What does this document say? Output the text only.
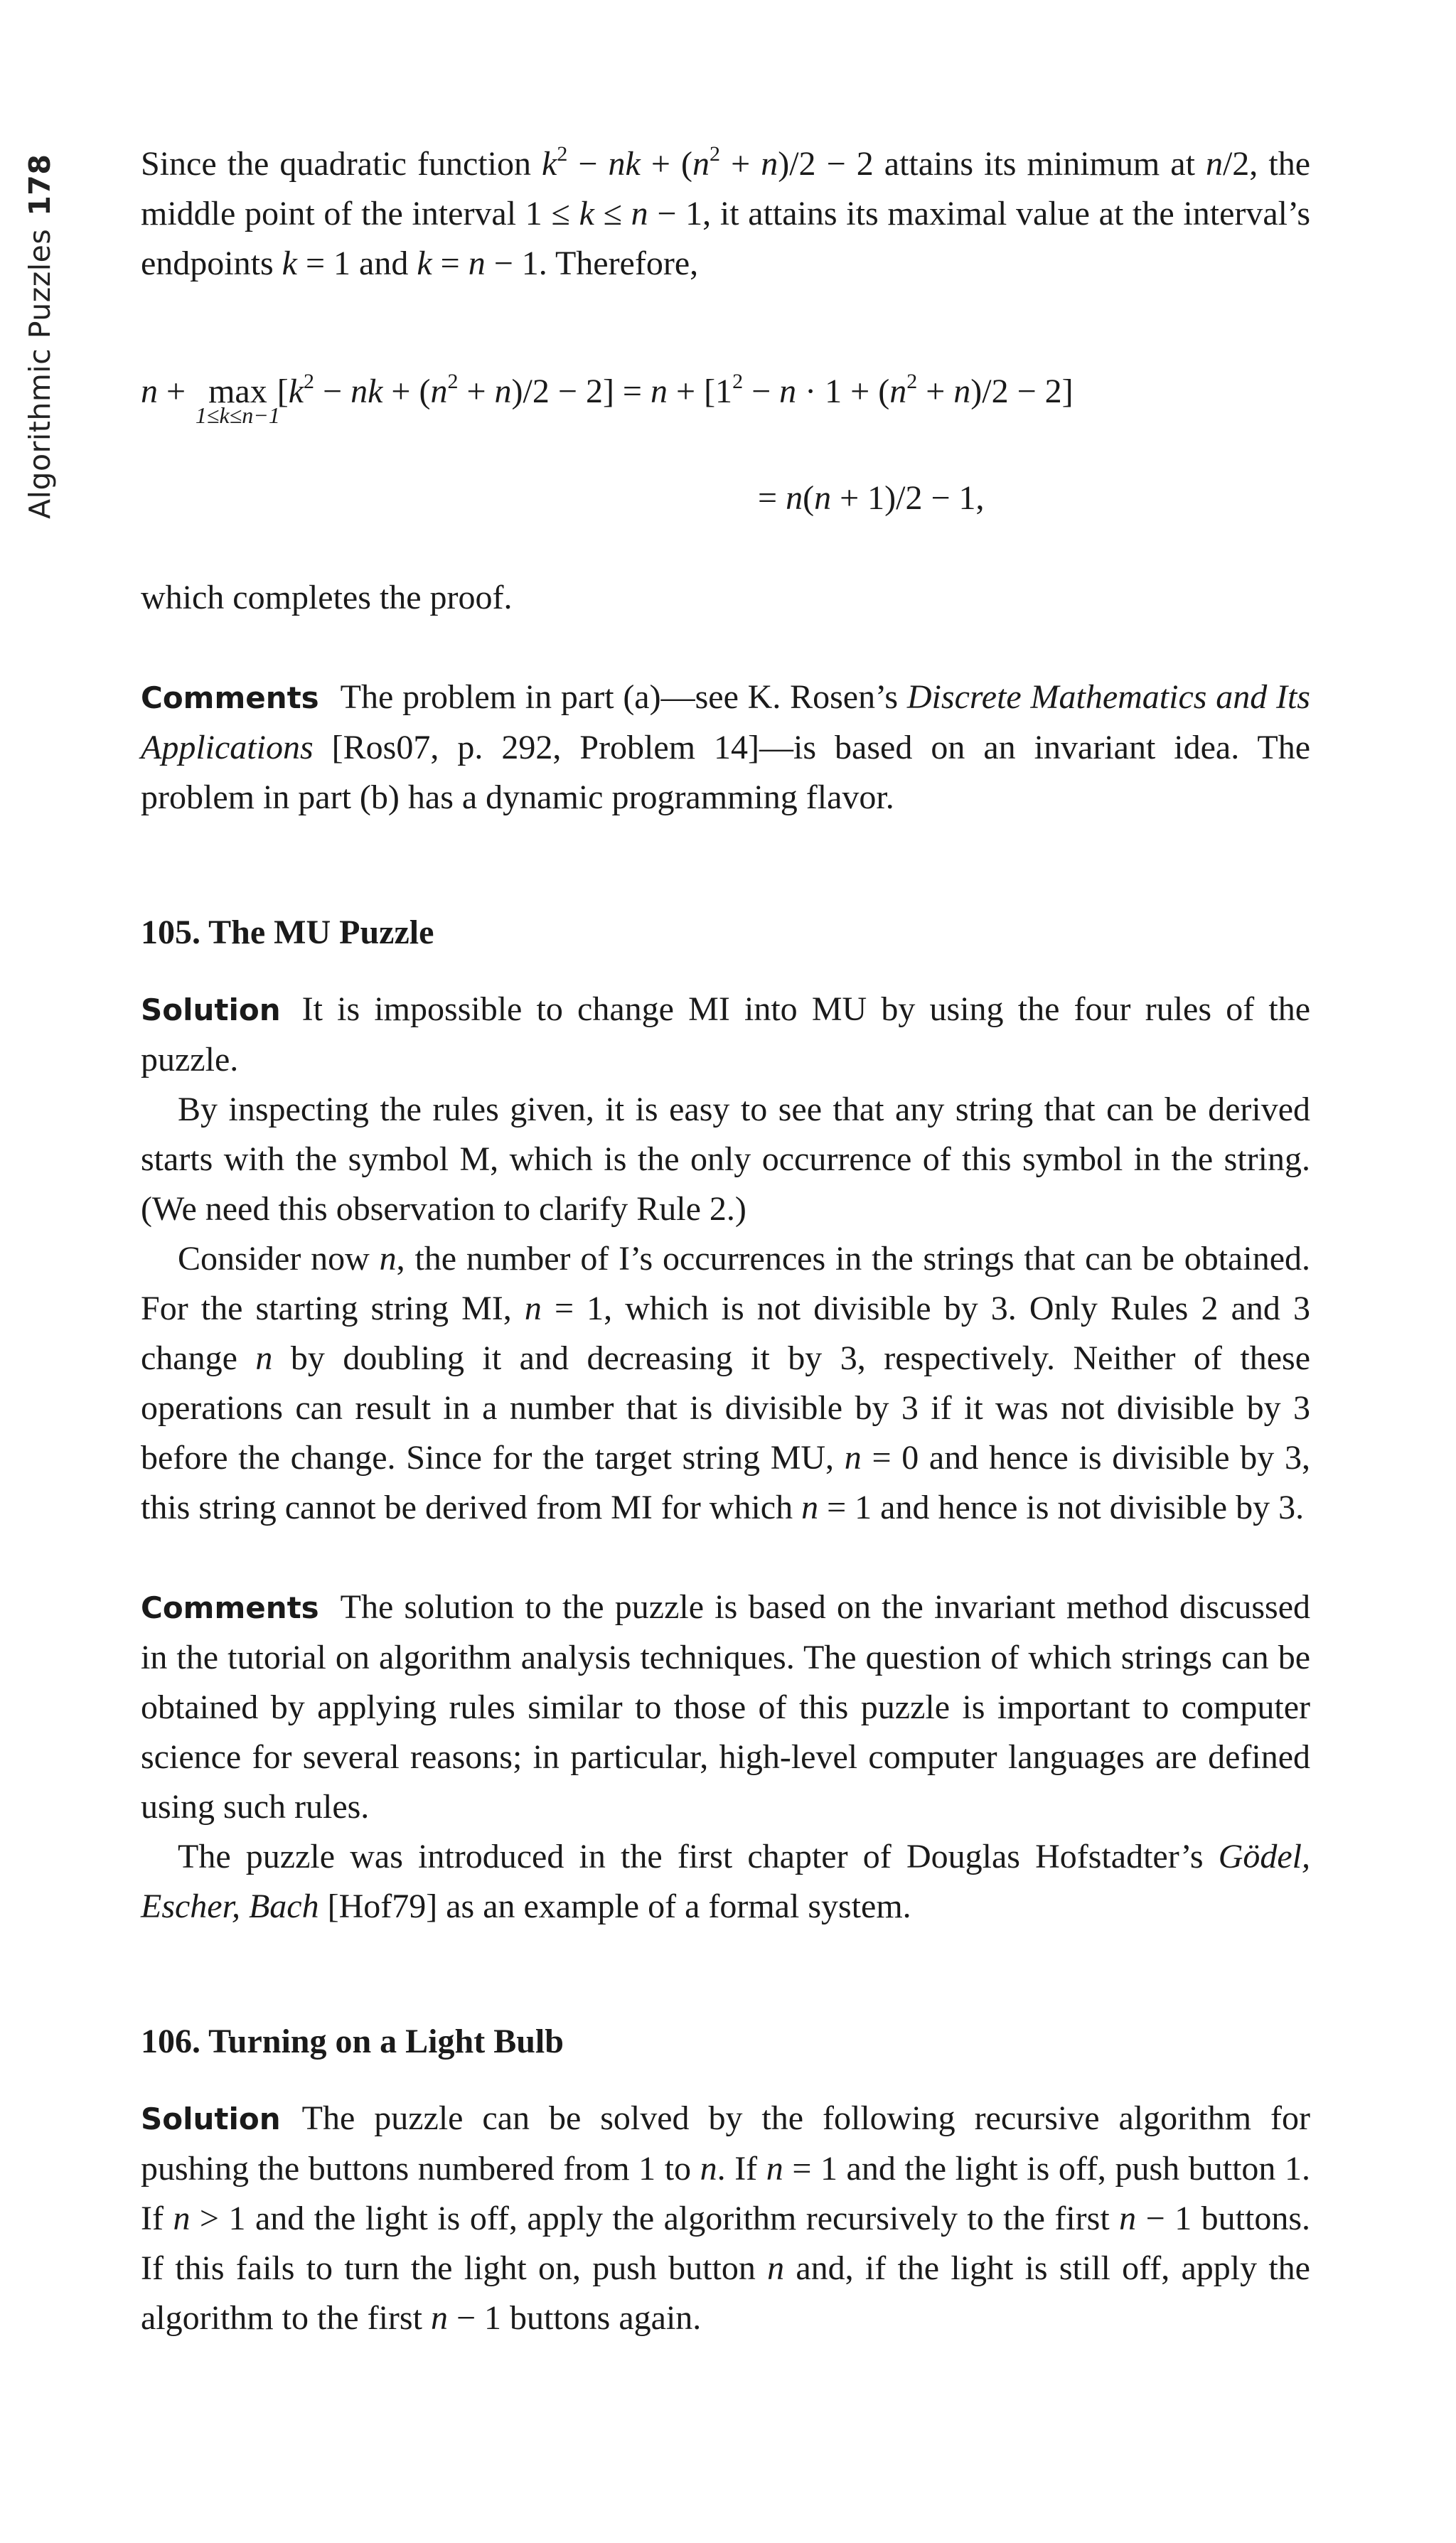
Algorithmic Puzzles178 Since the quadratic function $k^2$ − nk + $(n^2 + n)/2 - 2$ attains its minimum at n/2, the middle point of the interval 1 ≤ k ≤ n − 1, it attains its maximal value at the interval’s endpoints k = 1 and k = n − 1. Therefore,

n + max
1≤k≤n−1
[$k^2$ − nk + $(n^2 + n)/2 - 2] = n + [1^2 - n \cdot 1 + (n^2 + n)/2 - 2]$
= n(n + 1)/2 − 1,

which completes the proof.

Comments The problem in part (a)—see K. Rosen’s Discrete Mathematics and Its Applications [Ros07, p. 292, Problem 14]—is based on an invariant idea. The problem in part (b) has a dynamic programming flavor.

105. The MU Puzzle

Solution It is impossible to change MI into MU by using the four rules of the puzzle.

By inspecting the rules given, it is easy to see that any string that can be derived starts with the symbol M, which is the only occurrence of this symbol in the string. (We need this observation to clarify Rule 2.)

Consider now n, the number of I’s occurrences in the strings that can be obtained. For the starting string MI, n = 1, which is not divisible by 3. Only Rules 2 and 3 change n by doubling it and decreasing it by 3, respectively. Neither of these operations can result in a number that is divisible by 3 if it was not divisible by 3 before the change. Since for the target string MU, n = 0 and hence is divisible by 3, this string cannot be derived from MI for which n = 1 and hence is not divisible by 3.

Comments The solution to the puzzle is based on the invariant method discussed in the tutorial on algorithm analysis techniques. The question of which strings can be obtained by applying rules similar to those of this puzzle is important to computer science for several reasons; in particular, high-level computer languages are defined using such rules.

The puzzle was introduced in the first chapter of Douglas Hofstadter’s Gödel, Escher, Bach [Hof79] as an example of a formal system.

106. Turning on a Light Bulb

Solution The puzzle can be solved by the following recursive algorithm for pushing the buttons numbered from 1 to n. If n = 1 and the light is off, push button 1. If n > 1 and the light is off, apply the algorithm recursively to the first n − 1 buttons. If this fails to turn the light on, push button n and, if the light is still off, apply the algorithm to the first n − 1 buttons again.
